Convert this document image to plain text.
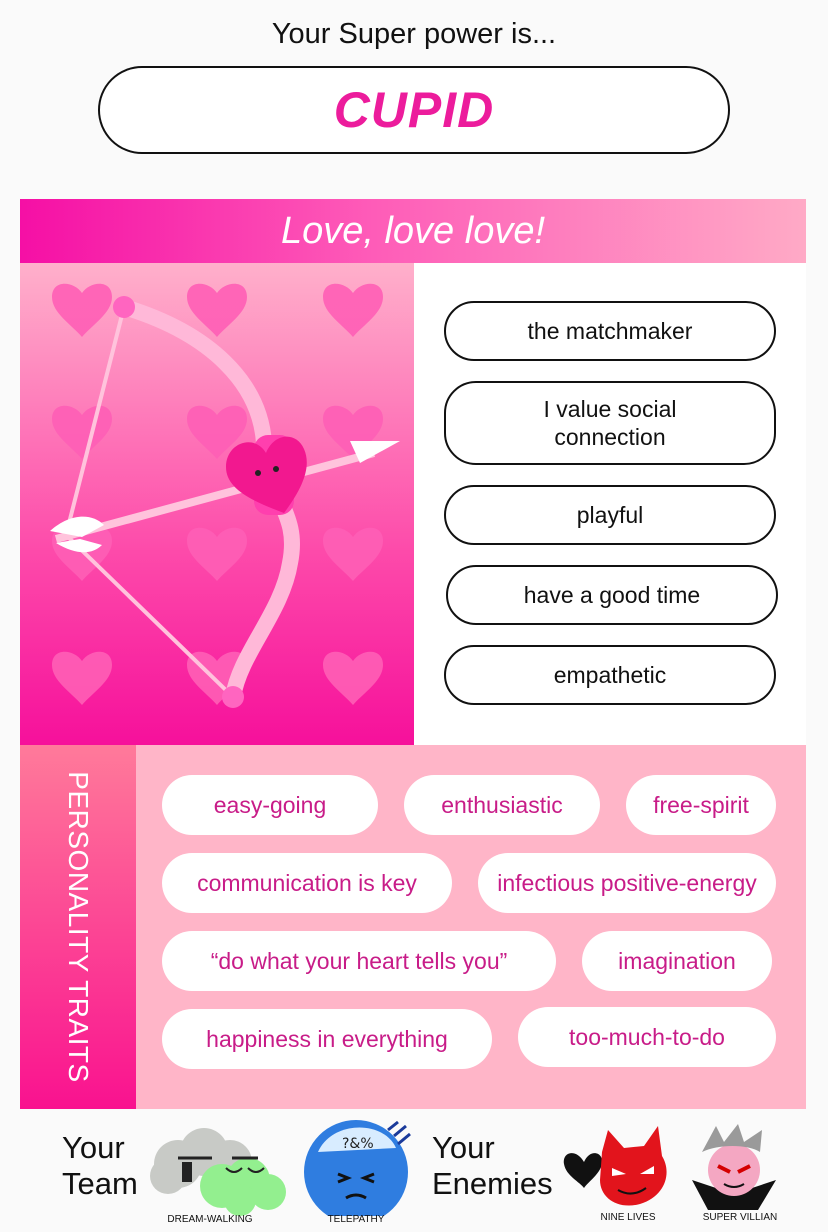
Your Super power is...
CUPID
Love, love love!
the matchmaker
I value social connection
playful
have a good time
empathetic
easy-going	enthusiastic	free-spirit
communication is key	infectious positive-energy
“do what your heart tells you”	imagination
happiness in everything	too-much-to-do
PERSONALITY TRAITS
Your
Team
DREAM-WALKING
?&%
TELEPATHY
Your
Enemies
NINE LIVES	SUPER VILLIAN
